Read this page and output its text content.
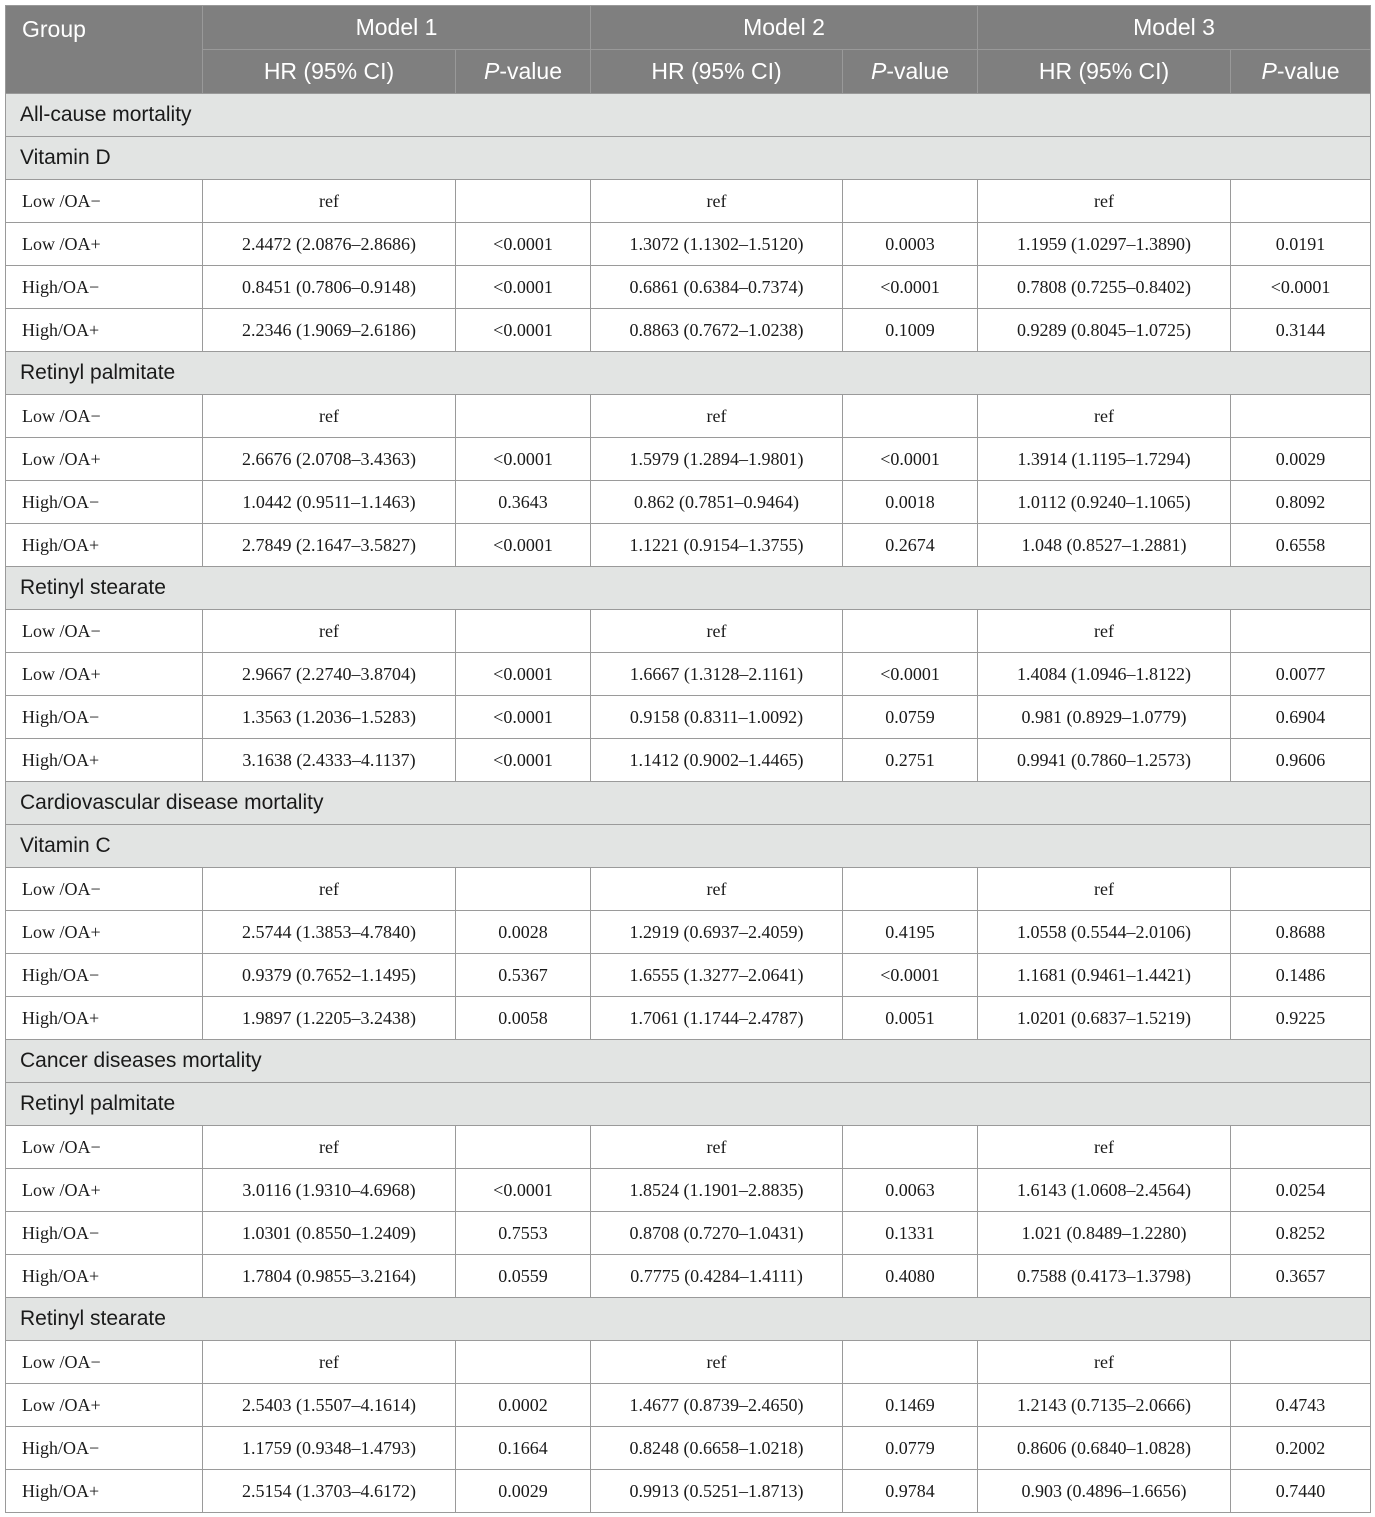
Group	Model 1		Model 2		Model 3	
	HR (95% CI)	P-value	HR (95% CI)	P-value	HR (95% CI)	P-value
All-cause mortality						
Vitamin D						
Low /OA−	ref		ref		ref	
Low /OA+	2.4472 (2.0876–2.8686)	<0.0001	1.3072 (1.1302–1.5120)	0.0003	1.1959 (1.0297–1.3890)	0.0191
High/OA−	0.8451 (0.7806–0.9148)	<0.0001	0.6861 (0.6384–0.7374)	<0.0001	0.7808 (0.7255–0.8402)	<0.0001
High/OA+	2.2346 (1.9069–2.6186)	<0.0001	0.8863 (0.7672–1.0238)	0.1009	0.9289 (0.8045–1.0725)	0.3144
Retinyl palmitate						
Low /OA−	ref		ref		ref	
Low /OA+	2.6676 (2.0708–3.4363)	<0.0001	1.5979 (1.2894–1.9801)	<0.0001	1.3914 (1.1195–1.7294)	0.0029
High/OA−	1.0442 (0.9511–1.1463)	0.3643	0.862 (0.7851–0.9464)	0.0018	1.0112 (0.9240–1.1065)	0.8092
High/OA+	2.7849 (2.1647–3.5827)	<0.0001	1.1221 (0.9154–1.3755)	0.2674	1.048 (0.8527–1.2881)	0.6558
Retinyl stearate						
Low /OA−	ref		ref		ref	
Low /OA+	2.9667 (2.2740–3.8704)	<0.0001	1.6667 (1.3128–2.1161)	<0.0001	1.4084 (1.0946–1.8122)	0.0077
High/OA−	1.3563 (1.2036–1.5283)	<0.0001	0.9158 (0.8311–1.0092)	0.0759	0.981 (0.8929–1.0779)	0.6904
High/OA+	3.1638 (2.4333–4.1137)	<0.0001	1.1412 (0.9002–1.4465)	0.2751	0.9941 (0.7860–1.2573)	0.9606
Cardiovascular disease mortality						
Vitamin C						
Low /OA−	ref		ref		ref	
Low /OA+	2.5744 (1.3853–4.7840)	0.0028	1.2919 (0.6937–2.4059)	0.4195	1.0558 (0.5544–2.0106)	0.8688
High/OA−	0.9379 (0.7652–1.1495)	0.5367	1.6555 (1.3277–2.0641)	<0.0001	1.1681 (0.9461–1.4421)	0.1486
High/OA+	1.9897 (1.2205–3.2438)	0.0058	1.7061 (1.1744–2.4787)	0.0051	1.0201 (0.6837–1.5219)	0.9225
Cancer diseases mortality						
Retinyl palmitate						
Low /OA−	ref		ref		ref	
Low /OA+	3.0116 (1.9310–4.6968)	<0.0001	1.8524 (1.1901–2.8835)	0.0063	1.6143 (1.0608–2.4564)	0.0254
High/OA−	1.0301 (0.8550–1.2409)	0.7553	0.8708 (0.7270–1.0431)	0.1331	1.021 (0.8489–1.2280)	0.8252
High/OA+	1.7804 (0.9855–3.2164)	0.0559	0.7775 (0.4284–1.4111)	0.4080	0.7588 (0.4173–1.3798)	0.3657
Retinyl stearate						
Low /OA−	ref		ref		ref	
Low /OA+	2.5403 (1.5507–4.1614)	0.0002	1.4677 (0.8739–2.4650)	0.1469	1.2143 (0.7135–2.0666)	0.4743
High/OA−	1.1759 (0.9348–1.4793)	0.1664	0.8248 (0.6658–1.0218)	0.0779	0.8606 (0.6840–1.0828)	0.2002
High/OA+	2.5154 (1.3703–4.6172)	0.0029	0.9913 (0.5251–1.8713)	0.9784	0.903 (0.4896–1.6656)	0.7440
